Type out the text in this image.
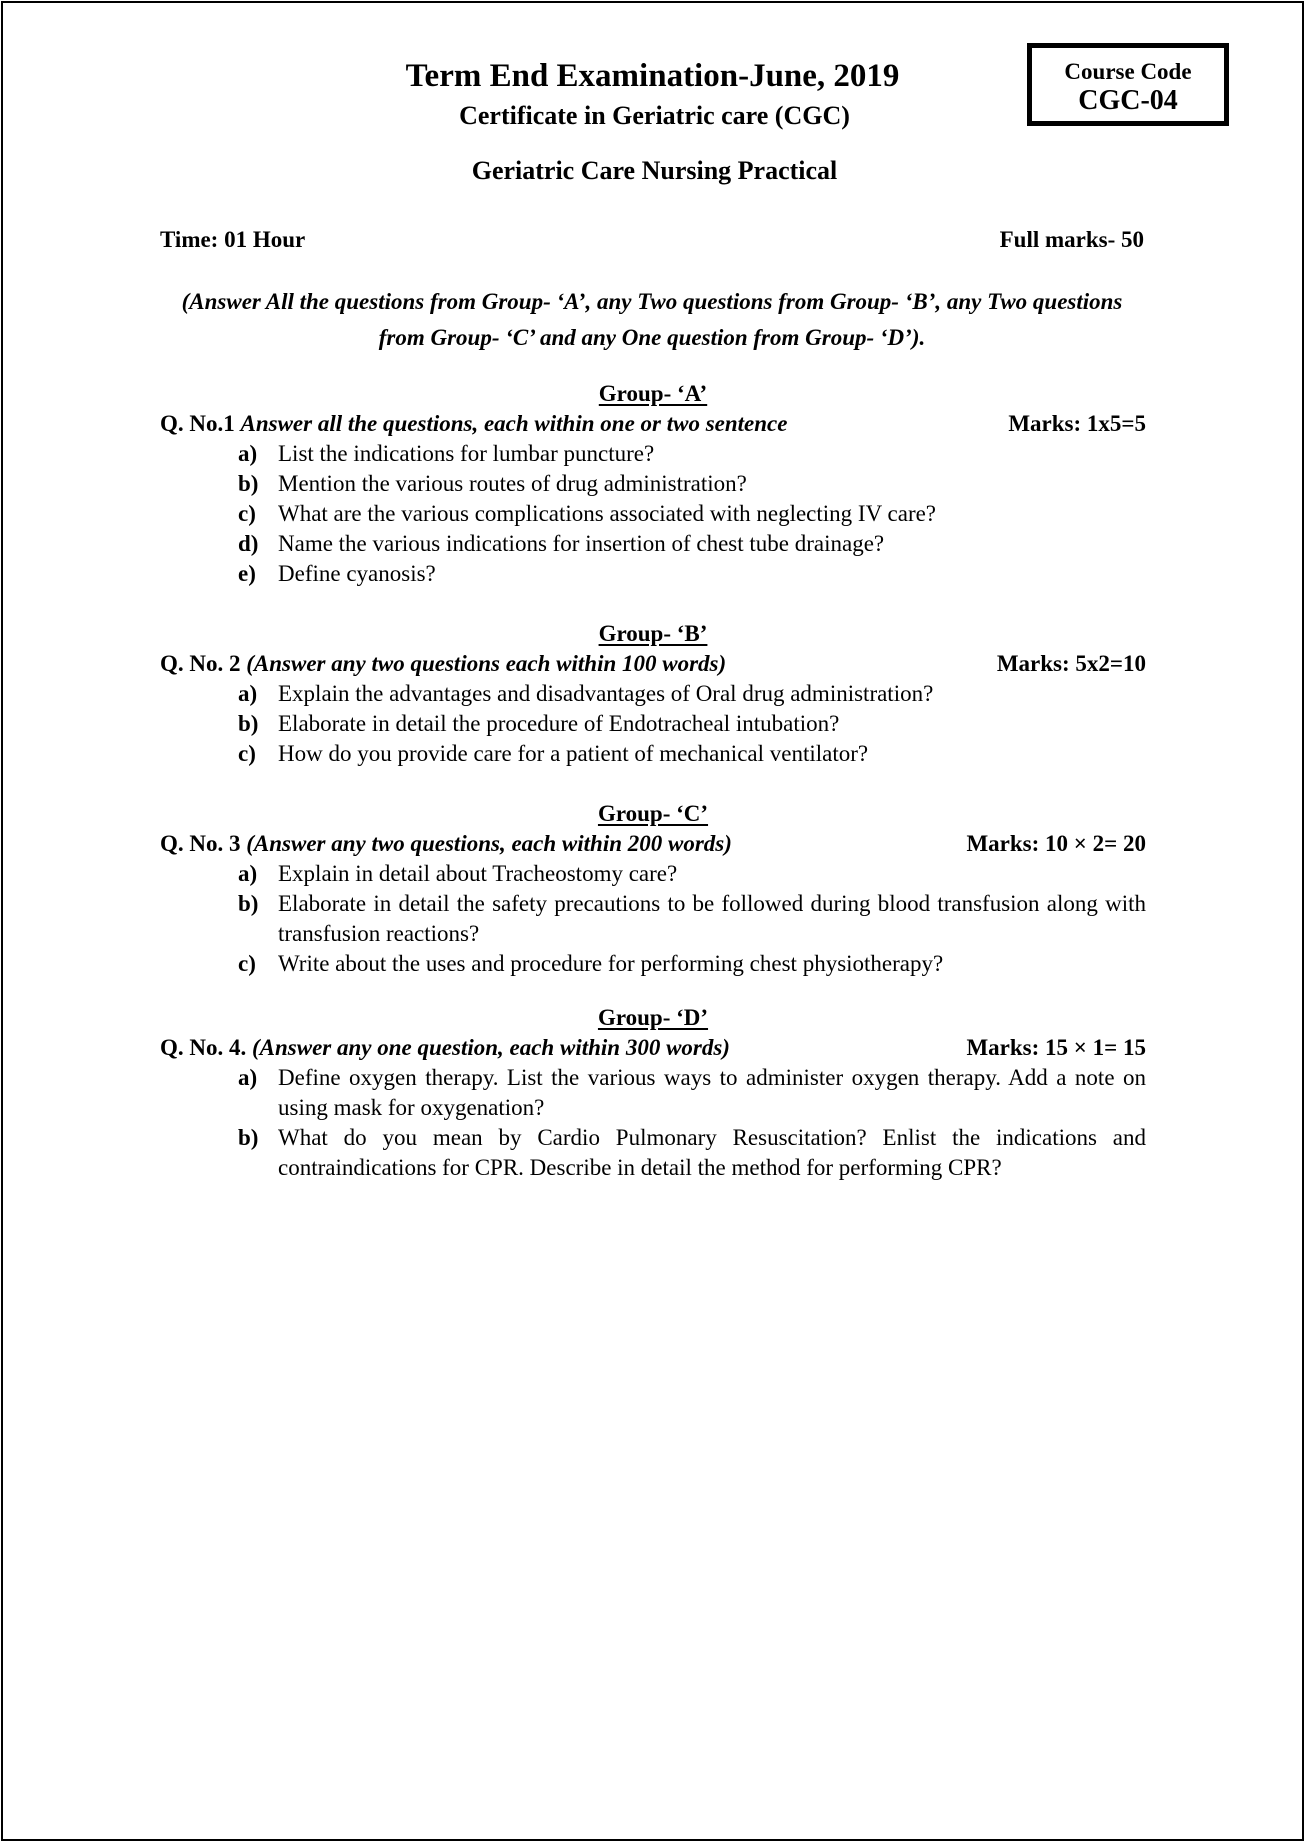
Term End Examination-June, 2019
Certificate in Geriatric care (CGC)
Geriatric Care Nursing Practical
Course Code
CGC-04
Time: 01 Hour	Full marks- 50
(Answer All the questions from Group- ‘A’, any Two questions from Group- ‘B’, any Two questions from Group- ‘C’ and any One question from Group- ‘D’).
Group- ‘A’
Q. No.1 Answer all the questions, each within one or two sentence	Marks: 1x5=5
a) List the indications for lumbar puncture?
b) Mention the various routes of drug administration?
c) What are the various complications associated with neglecting IV care?
d) Name the various indications for insertion of chest tube drainage?
e) Define cyanosis?
Group- ‘B’
Q. No. 2 (Answer any two questions each within 100 words)	Marks: 5x2=10
a) Explain the advantages and disadvantages of Oral drug administration?
b) Elaborate in detail the procedure of Endotracheal intubation?
c) How do you provide care for a patient of mechanical ventilator?
Group- ‘C’
Q. No. 3 (Answer any two questions, each within 200 words)	Marks: 10 × 2= 20
a) Explain in detail about Tracheostomy care?
b) Elaborate in detail the safety precautions to be followed during blood transfusion along with transfusion reactions?
c) Write about the uses and procedure for performing chest physiotherapy?
Group- ‘D’
Q. No. 4. (Answer any one question, each within 300 words)	Marks: 15 × 1= 15
a) Define oxygen therapy. List the various ways to administer oxygen therapy. Add a note on using mask for oxygenation?
b) What do you mean by Cardio Pulmonary Resuscitation? Enlist the indications and contraindications for CPR. Describe in detail the method for performing CPR?
